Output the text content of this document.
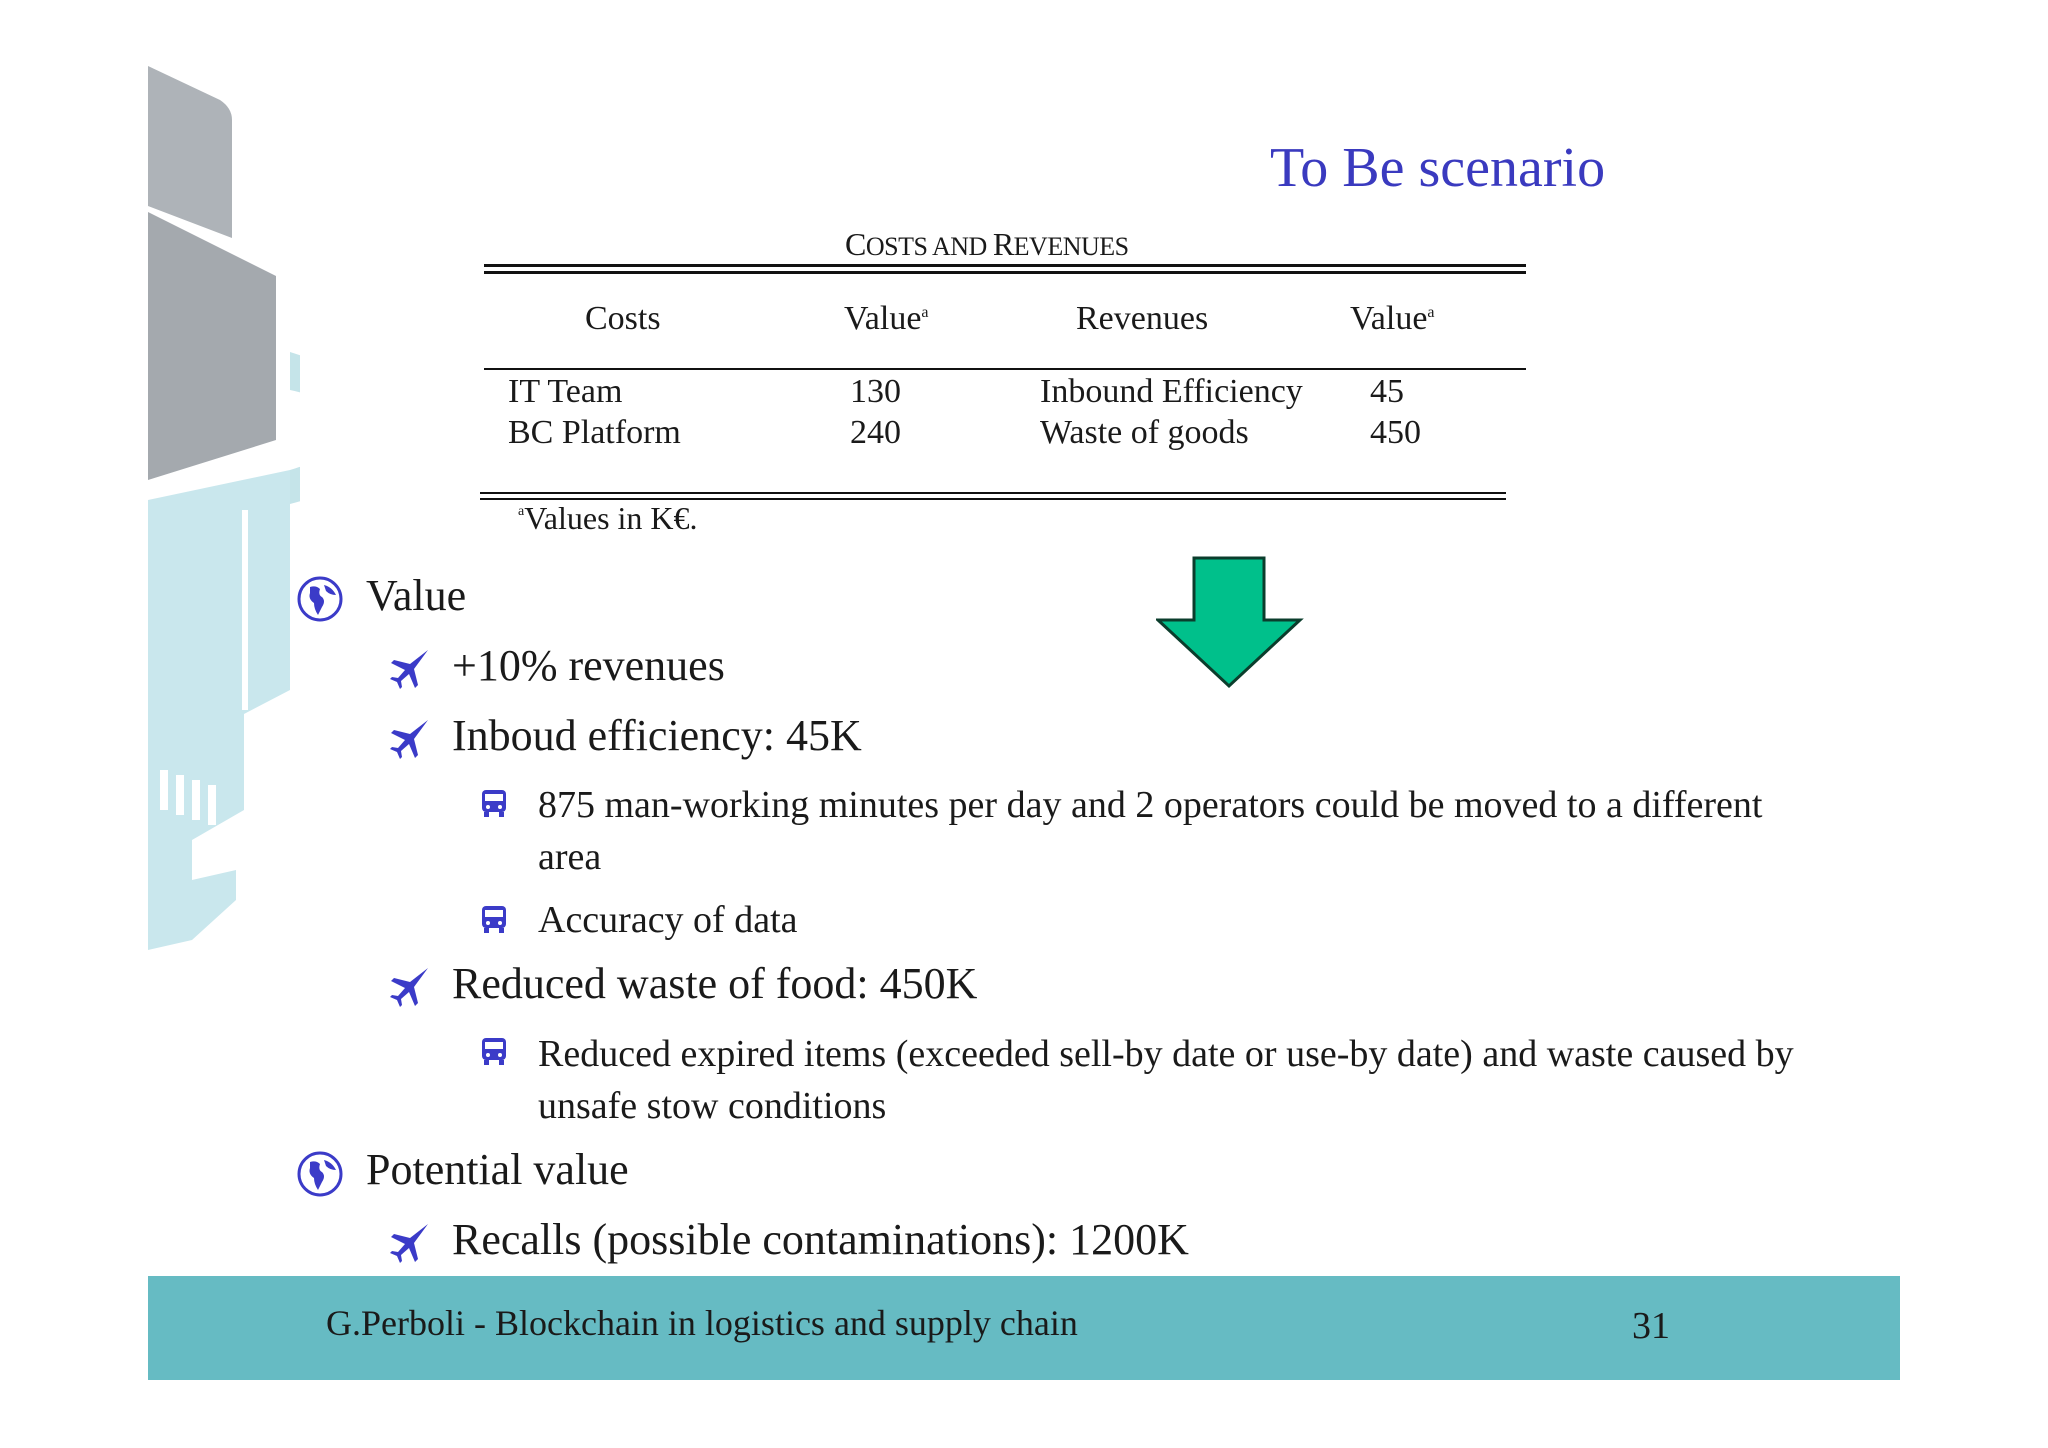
To Be scenario
COSTS AND REVENUES
Costs	Value$^a$	Revenues	Value$^a$
IT Team	130	Inbound Efficiency 45
BC Platform	240	Waste of goods	450
$^a$Values in K€.
Value
+10% revenues
Inboud efficiency: 45K
875 man-working minutes per day and 2 operators could be moved to a different area
Accuracy of data
Reduced waste of food: 450K
Reduced expired items (exceeded sell-by date or use-by date) and waste caused by unsafe stow conditions
Potential value
Recalls (possible contaminations): 1200K
G.Perboli - Blockchain in logistics and supply chain	31
